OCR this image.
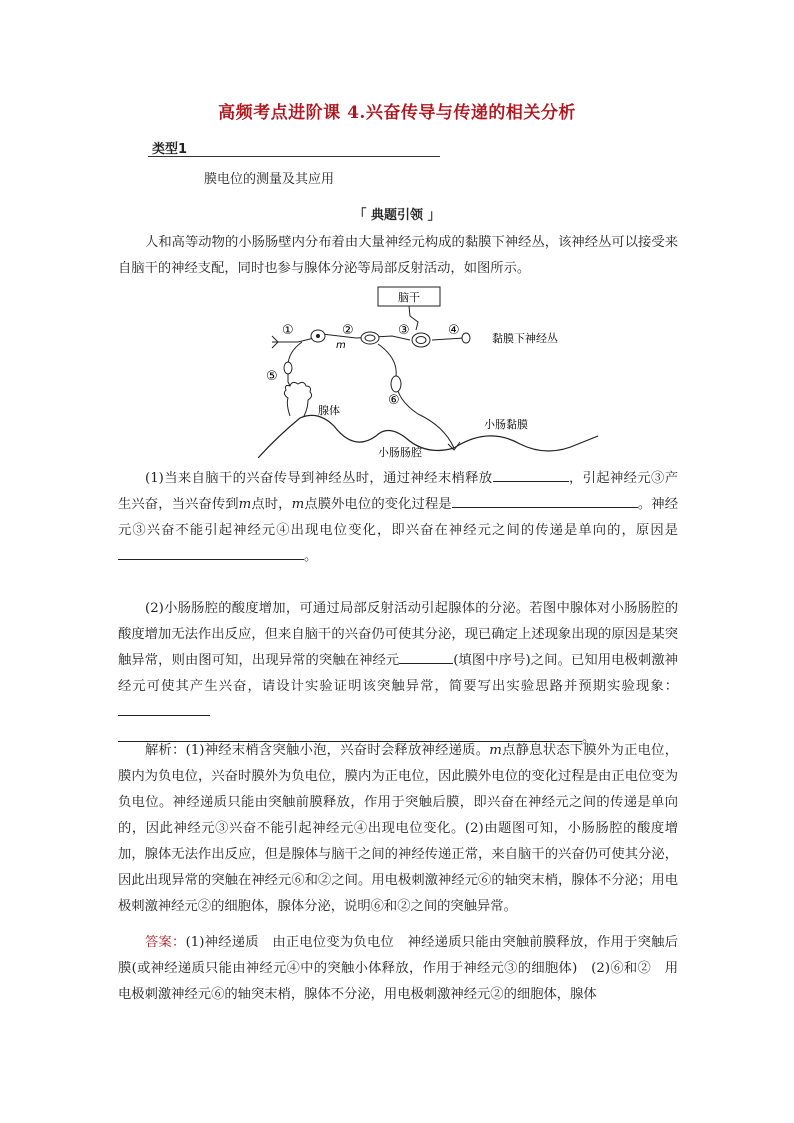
高频考点进阶课 4.兴奋传导与传递的相关分析
类型1
膜电位的测量及其应用
「 典题引领 」
人和高等动物的小肠肠壁内分布着由大量神经元构成的黏膜下神经丛，该神经丛可以接受来自脑干的神经支配，同时也参与腺体分泌等局部反射活动，如图所示。
脑干
①	②	③	④
m
黏膜下神经丛
⑤
腺体
⑥
小肠黏膜
小肠肠腔
(1)当来自脑干的兴奋传导到神经丛时，通过神经末梢释放	，引起神经元③产生兴奋，当兴奋传到m点时，m点膜外电位的变化过程是	。神经元③兴奋不能引起神经元④出现电位变化，即兴奋在神经元之间的传递是单向的，原因是。
(2)小肠肠腔的酸度增加，可通过局部反射活动引起腺体的分泌。若图中腺体对小肠肠腔的酸度增加无法作出反应，但来自脑干的兴奋仍可使其分泌，现已确定上述现象出现的原因是某突触异常，则由图可知，出现异常的突触在神经元	(填图中序号)之间。已知用电极刺激神经元可使其产生兴奋，请设计实验证明该突触异常，简要写出实验思路并预期实验现象：
。
解析：(1)神经末梢含突触小泡，兴奋时会释放神经递质。m点静息状态下膜外为正电位，膜内为负电位，兴奋时膜外为负电位，膜内为正电位，因此膜外电位的变化过程是由正电位变为负电位。神经递质只能由突触前膜释放，作用于突触后膜，即兴奋在神经元之间的传递是单向的，因此神经元③兴奋不能引起神经元④出现电位变化。(2)由题图可知，小肠肠腔的酸度增加，腺体无法作出反应，但是腺体与脑干之间的神经传递正常，来自脑干的兴奋仍可使其分泌，因此出现异常的突触在神经元⑥和②之间。用电极刺激神经元⑥的轴突末梢，腺体不分泌；用电极刺激神经元②的细胞体，腺体分泌，说明⑥和②之间的突触异常。
答案：(1)神经递质　由正电位变为负电位　神经递质只能由突触前膜释放，作用于突触后膜(或神经递质只能由神经元④中的突触小体释放，作用于神经元③的细胞体)　(2)⑥和②　用电极刺激神经元⑥的轴突末梢，腺体不分泌，用电极刺激神经元②的细胞体，腺体
